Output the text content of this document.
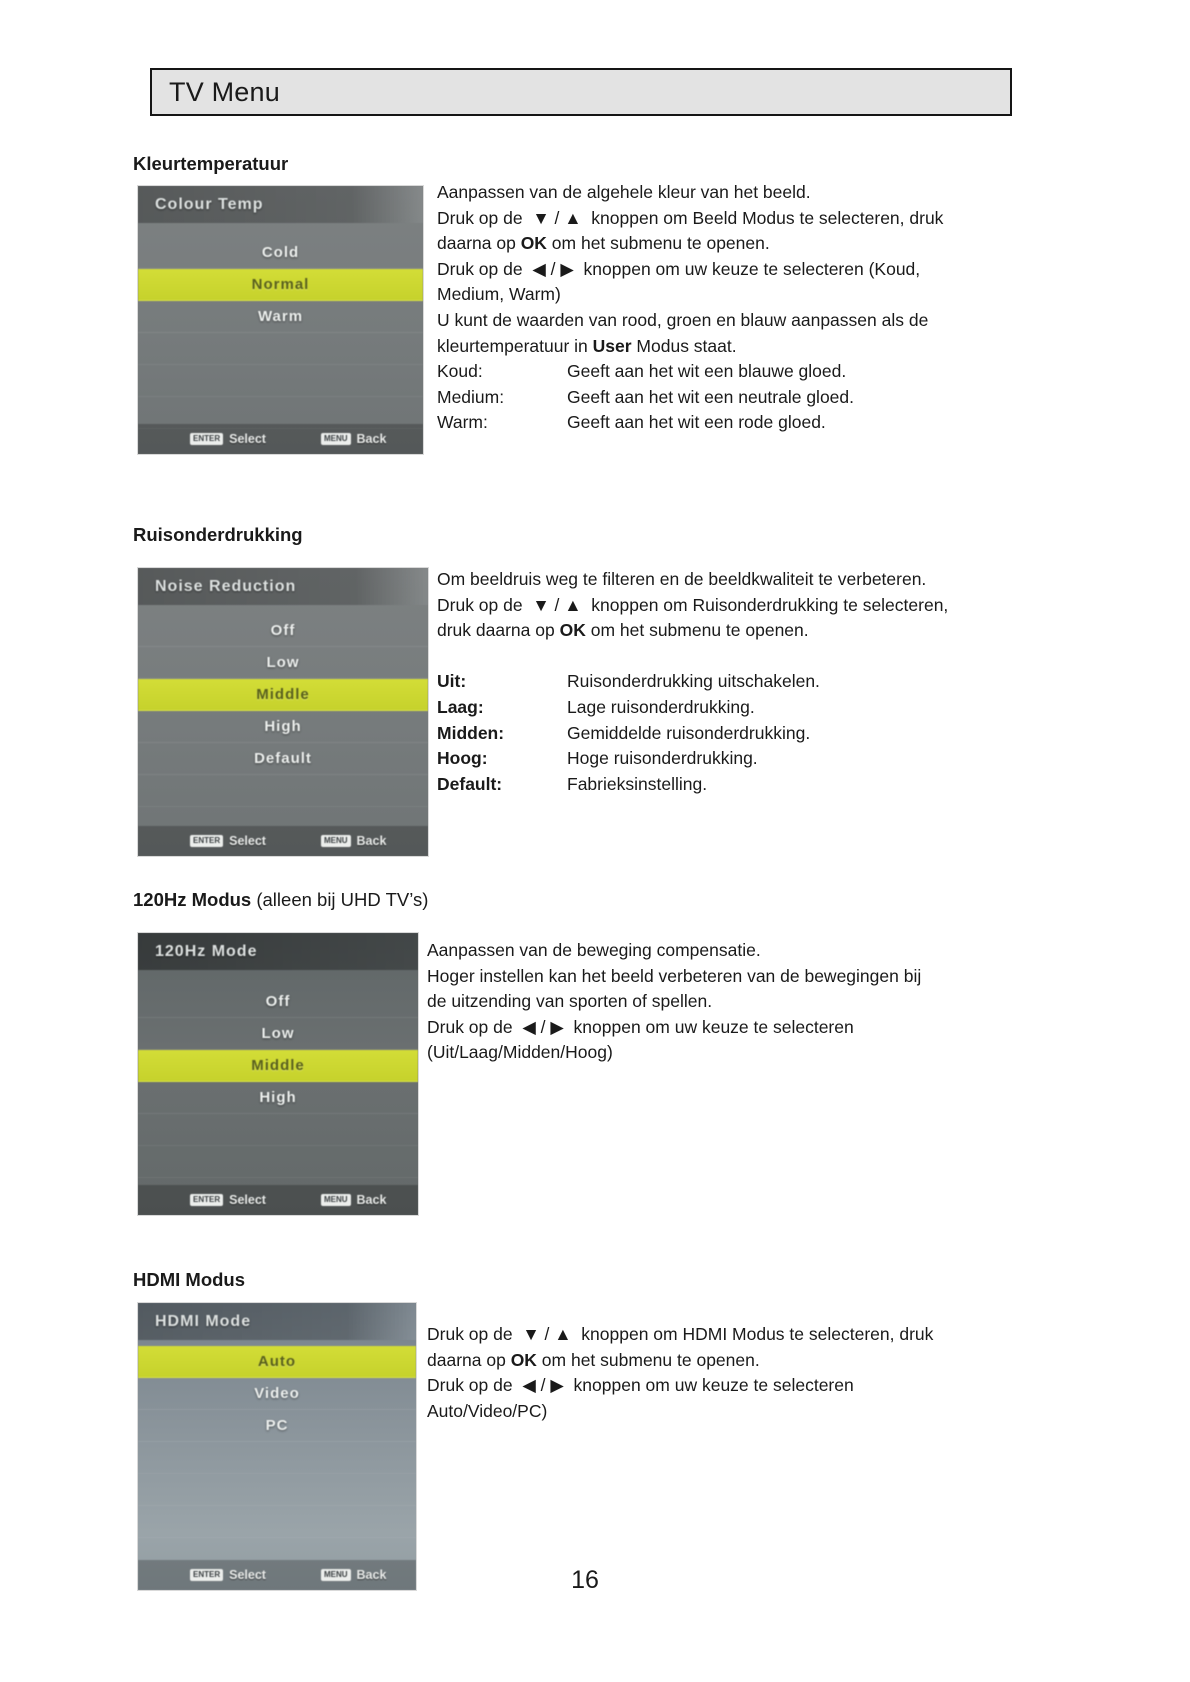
TV Menu
Kleurtemperatuur
Colour Temp
Cold
Normal
Warm
ENTER Select	MENU Back
Aanpassen van de algehele kleur van het beeld.
Druk op de  ▼ / ▲  knoppen om Beeld Modus te selecteren, druk
daarna op OK om het submenu te openen.
Druk op de  ◀ / ▶  knoppen om uw keuze te selecteren (Koud,
Medium, Warm)
U kunt de waarden van rood, groen en blauw aanpassen als de
kleurtemperatuur in User Modus staat.
Koud:	Geeft aan het wit een blauwe gloed.
Medium:	Geeft aan het wit een neutrale gloed.
Warm:	Geeft aan het wit een rode gloed.
Ruisonderdrukking
Noise Reduction
Off
Low
Middle
High
Default
ENTER Select	MENU Back
Om beeldruis weg te filteren en de beeldkwaliteit te verbeteren.
Druk op de  ▼ / ▲  knoppen om Ruisonderdrukking te selecteren,
druk daarna op OK om het submenu te openen.
Uit:	Ruisonderdrukking uitschakelen.
Laag:	Lage ruisonderdrukking.
Midden:	Gemiddelde ruisonderdrukking.
Hoog:	Hoge ruisonderdrukking.
Default:	Fabrieksinstelling.
120Hz Modus (alleen bij UHD TV’s)
120Hz Mode
Off
Low
Middle
High
ENTER Select	MENU Back
Aanpassen van de beweging compensatie.
Hoger instellen kan het beeld verbeteren van de bewegingen bij
de uitzending van sporten of spellen.
Druk op de  ◀ / ▶  knoppen om uw keuze te selecteren
(Uit/Laag/Midden/Hoog)
HDMI Modus
HDMI Mode
Auto
Video
PC
ENTER Select	MENU Back
Druk op de  ▼ / ▲  knoppen om HDMI Modus te selecteren, druk
daarna op OK om het submenu te openen.
Druk op de  ◀ / ▶  knoppen om uw keuze te selecteren
Auto/Video/PC)
16
